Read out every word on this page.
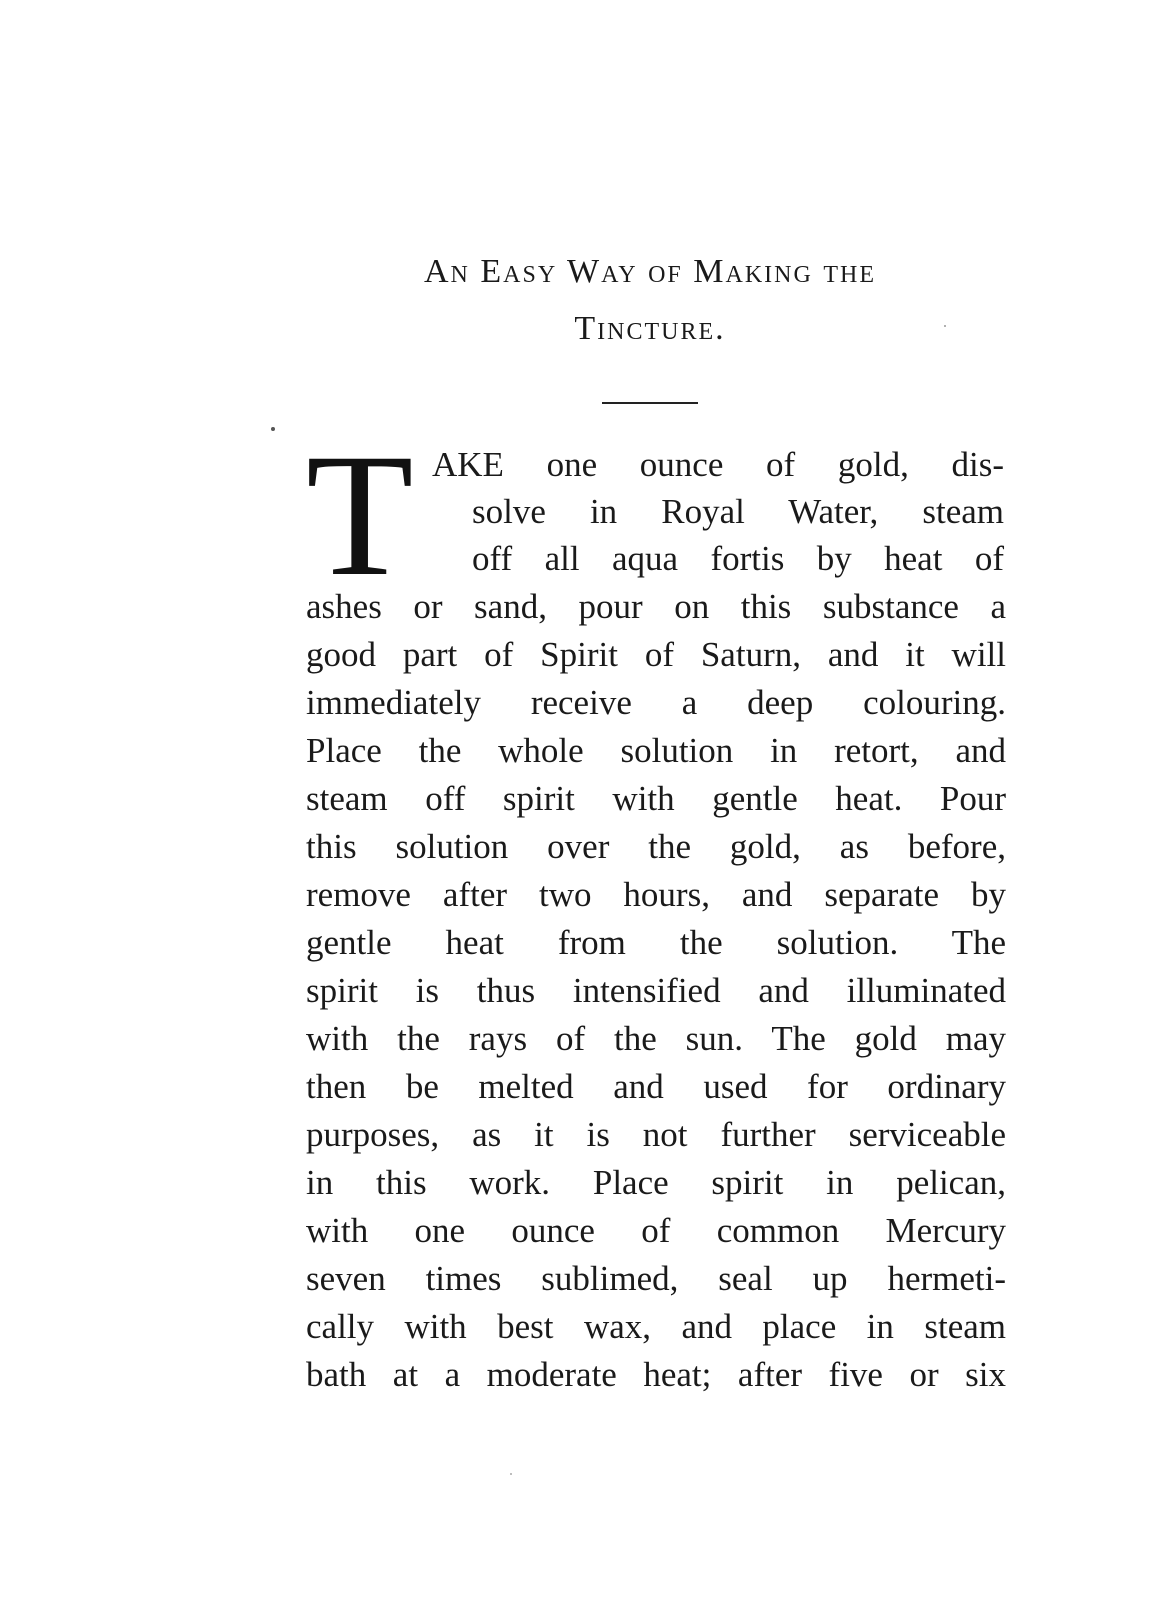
An Easy Way of Making the
Tincture.
T AKE one ounce of gold, dis-
solve in Royal Water, steam
off all aqua fortis by heat of
ashes or sand, pour on this substance a
good part of Spirit of Saturn, and it will
immediately receive a deep colouring.
Place the whole solution in retort, and
steam off spirit with gentle heat. Pour
this solution over the gold, as before,
remove after two hours, and separate by
gentle heat from the solution. The
spirit is thus intensified and illuminated
with the rays of the sun. The gold may
then be melted and used for ordinary
purposes, as it is not further serviceable
in this work. Place spirit in pelican,
with one ounce of common Mercury
seven times sublimed, seal up hermeti-
cally with best wax, and place in steam
bath at a moderate heat; after five or six
